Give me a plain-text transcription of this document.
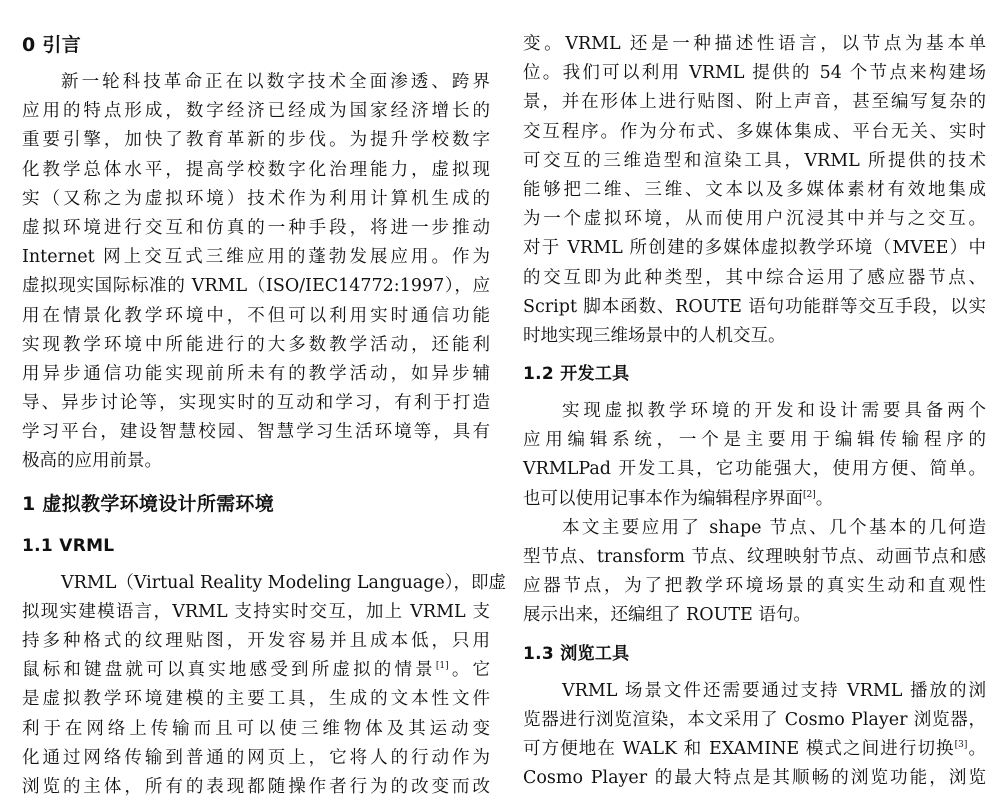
0 引言
新一轮科技革命正在以数字技术全面渗透、跨界
应用的特点形成，数字经济已经成为国家经济增长的
重要引擎，加快了教育革新的步伐。为提升学校数字
化教学总体水平，提高学校数字化治理能力，虚拟现
实（又称之为虚拟环境）技术作为利用计算机生成的
虚拟环境进行交互和仿真的一种手段，将进一步推动
Internet 网上交互式三维应用的蓬勃发展应用。作为
虚拟现实国际标准的 VRML（ISO/IEC14772:1997），应
用在情景化教学环境中，不但可以利用实时通信功能
实现教学环境中所能进行的大多数教学活动，还能利
用异步通信功能实现前所未有的教学活动，如异步辅
导、异步讨论等，实现实时的互动和学习，有利于打造
学习平台，建设智慧校园、智慧学习生活环境等，具有
极高的应用前景。
1 虚拟教学环境设计所需环境
1.1 VRML
VRML（Virtual Reality Modeling Language），即虚
拟现实建模语言，VRML 支持实时交互，加上 VRML 支
持多种格式的纹理贴图，开发容易并且成本低，只用
鼠标和键盘就可以真实地感受到所虚拟的情景[1]。它
是虚拟教学环境建模的主要工具，生成的文本性文件
利于在网络上传输而且可以使三维物体及其运动变
化通过网络传输到普通的网页上，它将人的行动作为
浏览的主体，所有的表现都随操作者行为的改变而改
变。VRML 还是一种描述性语言，以节点为基本单
位。我们可以利用 VRML 提供的 54 个节点来构建场
景，并在形体上进行贴图、附上声音，甚至编写复杂的
交互程序。作为分布式、多媒体集成、平台无关、实时
可交互的三维造型和渲染工具，VRML 所提供的技术
能够把二维、三维、文本以及多媒体素材有效地集成
为一个虚拟环境，从而使用户沉浸其中并与之交互。
对于 VRML 所创建的多媒体虚拟教学环境（MVEE）中
的交互即为此种类型，其中综合运用了感应器节点、
Script 脚本函数、ROUTE 语句功能群等交互手段，以实
时地实现三维场景中的人机交互。
1.2 开发工具
实现虚拟教学环境的开发和设计需要具备两个
应用编辑系统，一个是主要用于编辑传输程序的
VRMLPad 开发工具，它功能强大，使用方便、简单。
也可以使用记事本作为编辑程序界面[2]。
本文主要应用了 shape 节点、几个基本的几何造
型节点、transform 节点、纹理映射节点、动画节点和感
应器节点，为了把教学环境场景的真实生动和直观性
展示出来，还编组了 ROUTE 语句。
1.3 浏览工具
VRML 场景文件还需要通过支持 VRML 播放的浏
览器进行浏览渲染，本文采用了 Cosmo Player 浏览器，
可方便地在 WALK 和 EXAMINE 模式之间进行切换[3]。
Cosmo Player 的最大特点是其顺畅的浏览功能，浏览
